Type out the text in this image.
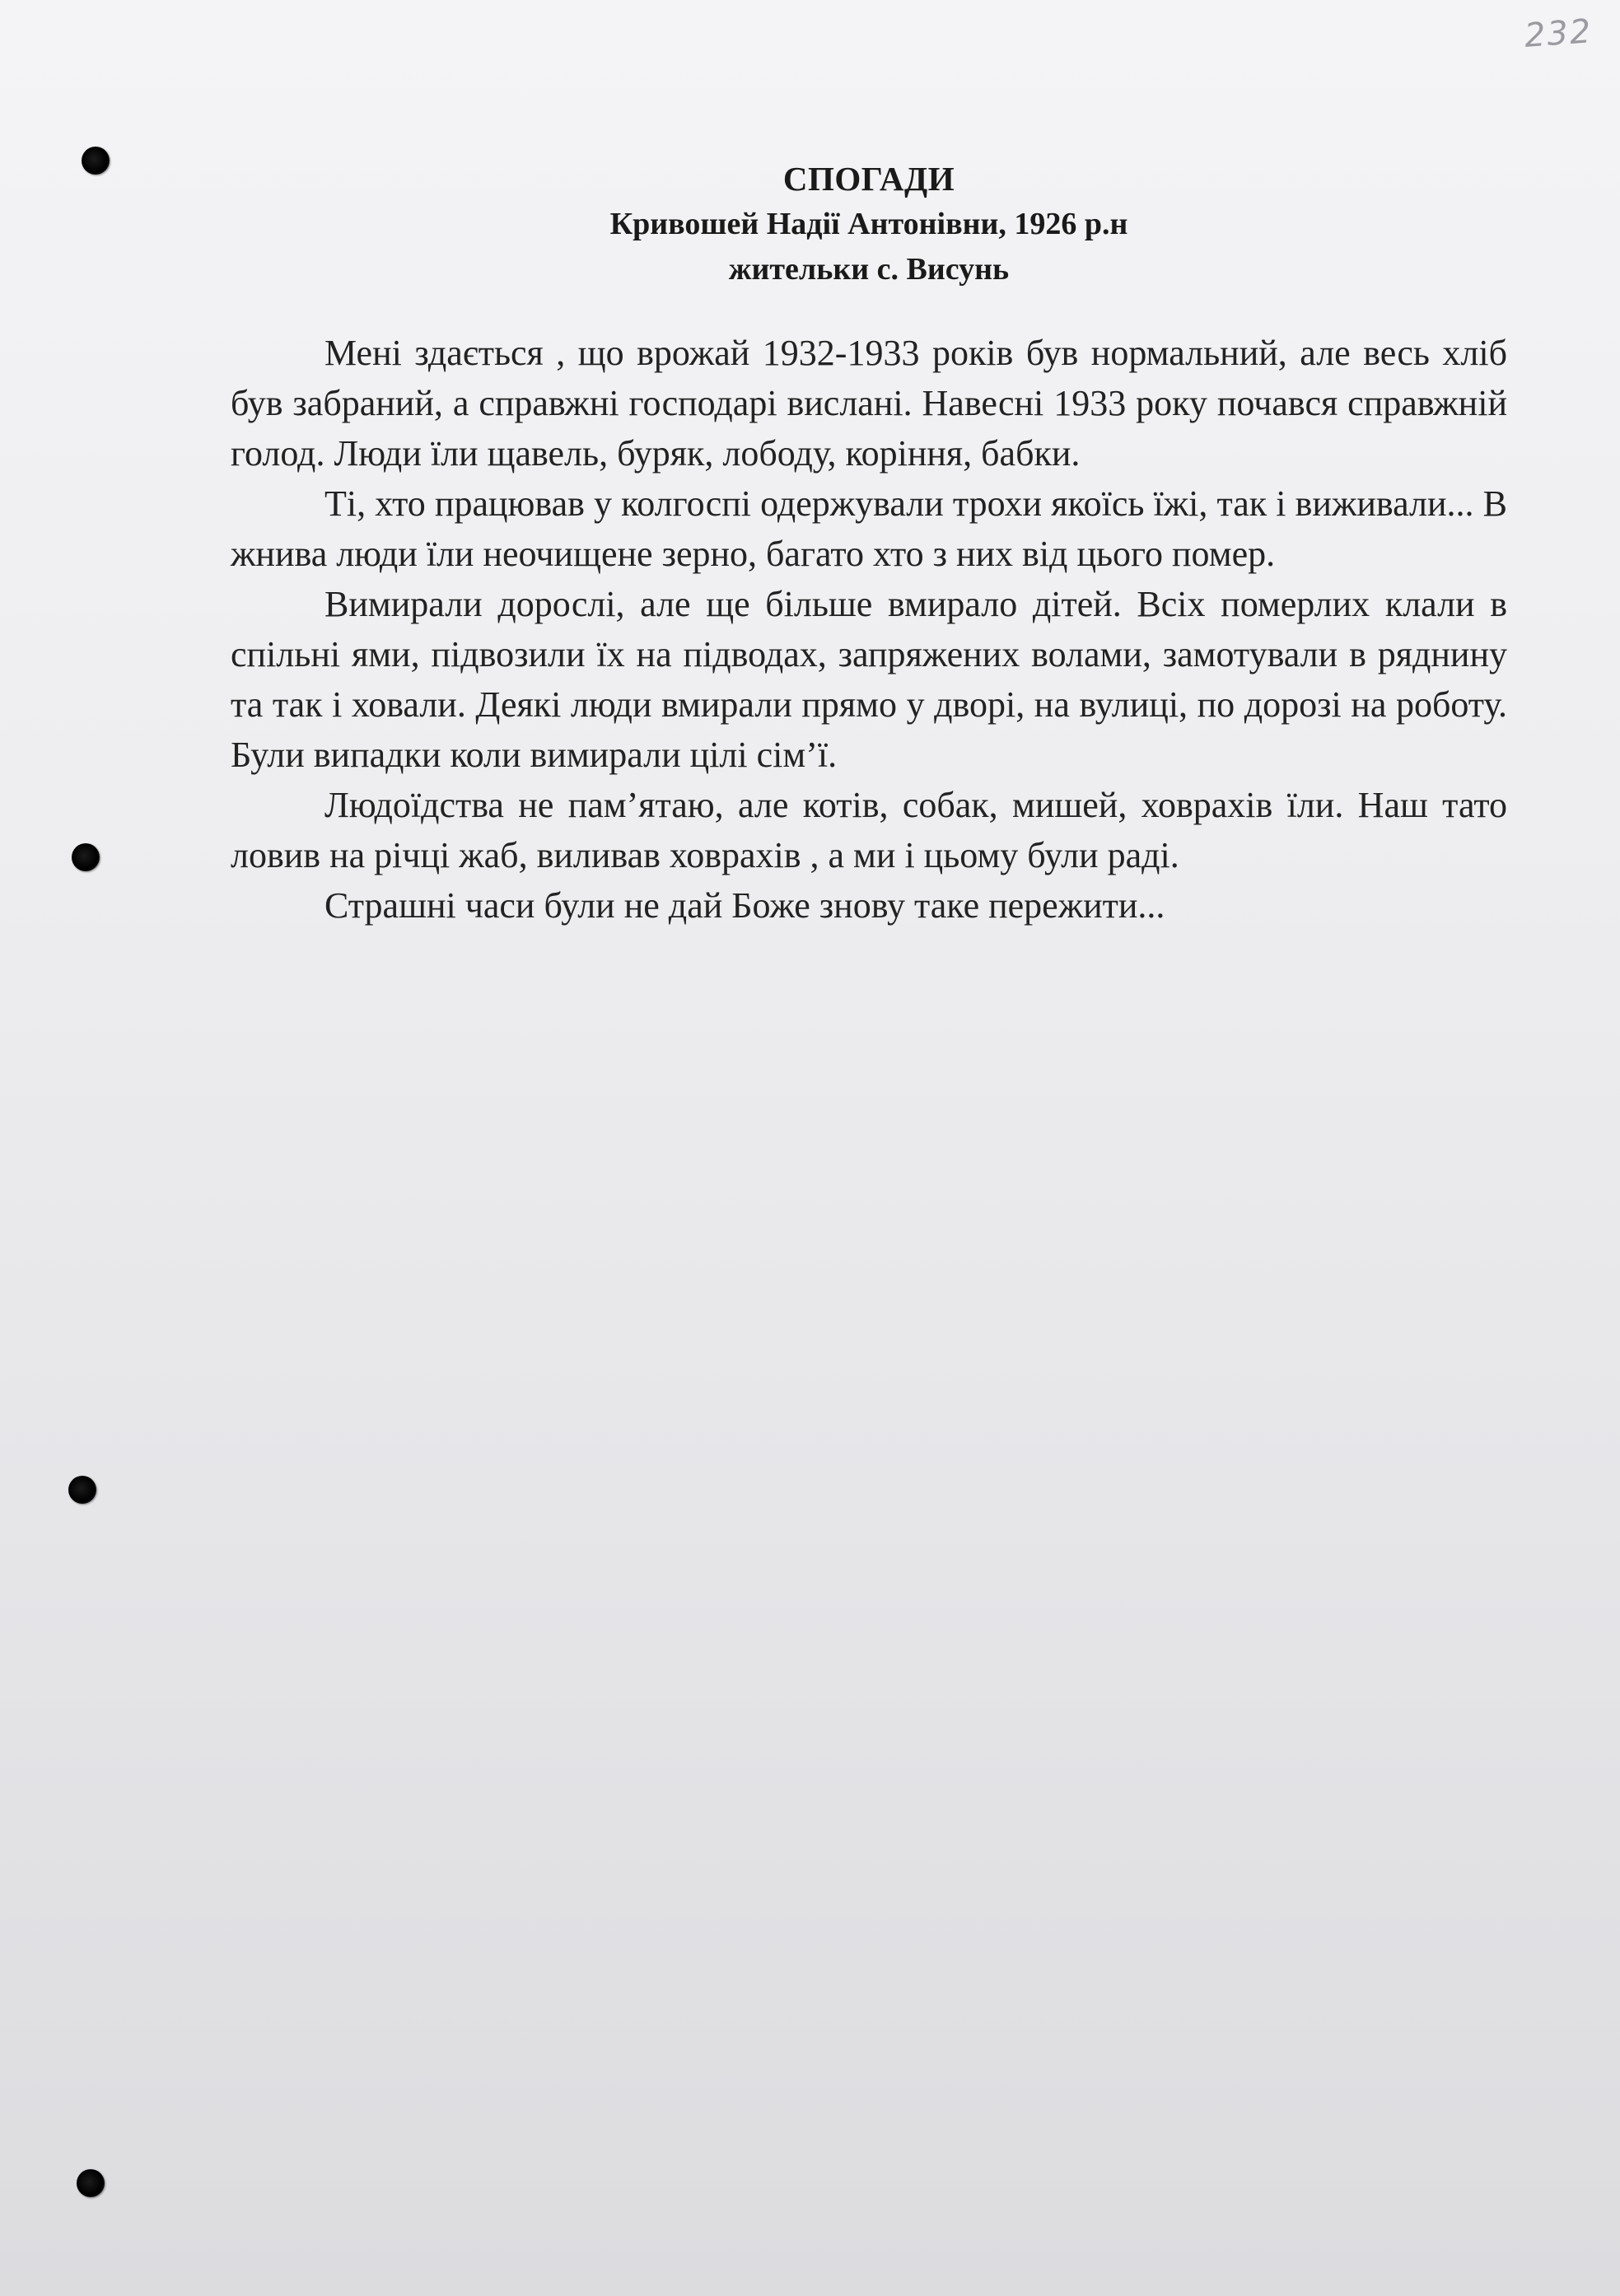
232
СПОГАДИ
Кривошей Надії Антонівни, 1926 р.н
жительки с. Висунь

Мені здається , що врожай 1932-1933 років був нормальний, але весь хліб був забраний, а справжні господарі вислані. Навесні 1933 року почався справжній голод. Люди їли щавель, буряк, лободу, коріння, бабки.

Ті, хто працював у колгоспі одержували трохи якоїсь їжі, так і виживали... В жнива люди їли неочищене зерно, багато хто з них від цього помер.

Вимирали дорослі, але ще більше вмирало дітей. Всіх померлих клали в спільні ями, підвозили їх на підводах, запряжених волами, замотували в ряднину та так і ховали. Деякі люди вмирали прямо у дворі, на вулиці, по дорозі на роботу. Були випадки коли вимирали цілі сім’ї.

Людоїдства не пам’ятаю, але котів, собак, мишей, ховрахів їли. Наш тато ловив на річці жаб, виливав ховрахів , а ми і цьому були раді.

Страшні часи були не дай Боже знову таке пережити...
